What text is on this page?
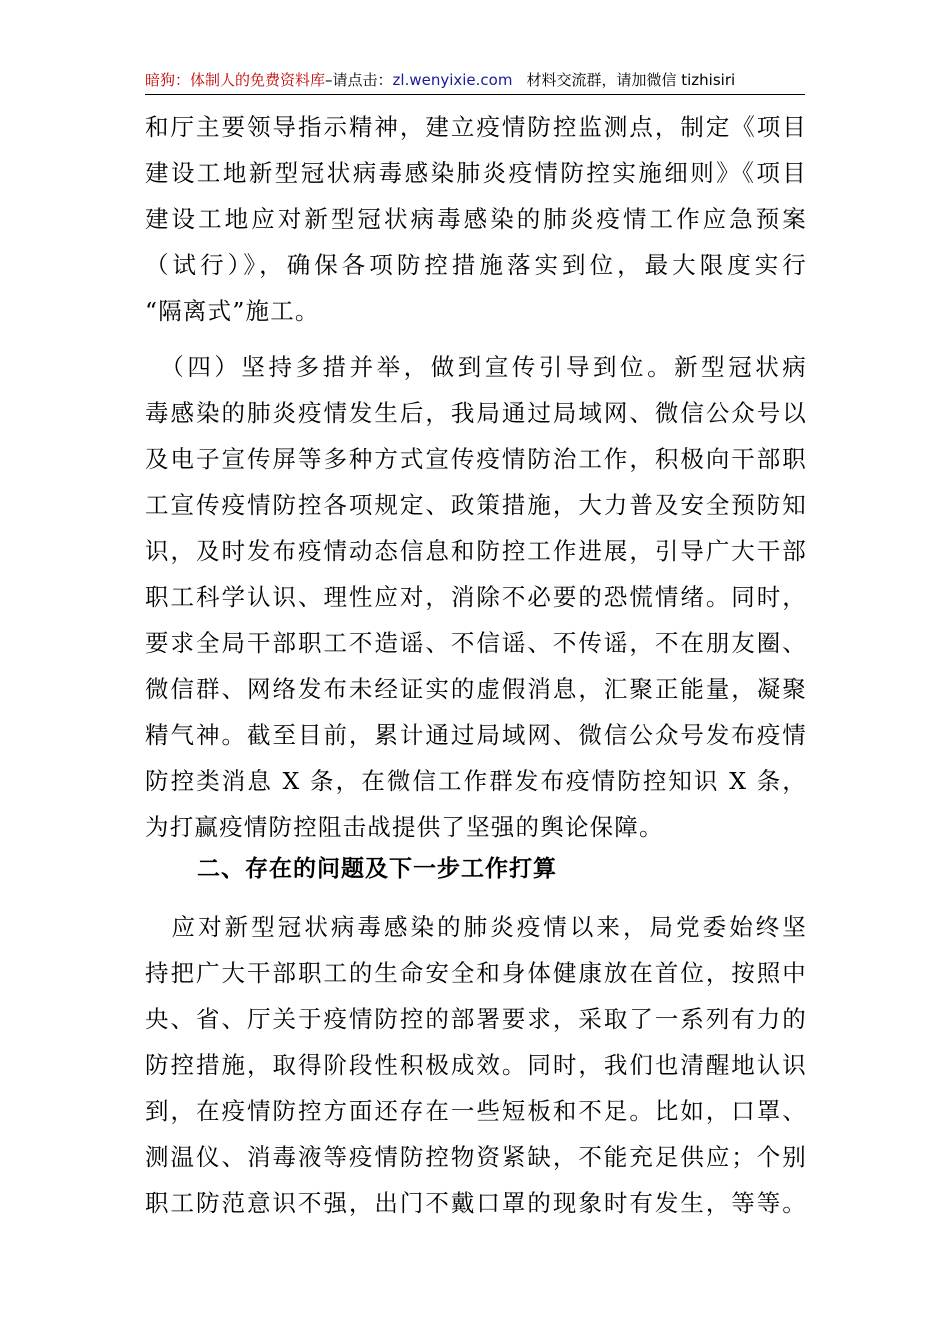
暗狗：体制人的免费资料库–请点击：zl.wenyixie.com 材料交流群，请加微信 tizhisiri
和厅主要领导指示精神，建立疫情防控监测点，制定《项目
建设工地新型冠状病毒感染肺炎疫情防控实施细则》《项目
建设工地应对新型冠状病毒感染的肺炎疫情工作应急预案
（试行）》，确保各项防控措施落实到位，最大限度实行
“隔离式”施工。
　（四）坚持多措并举，做到宣传引导到位。新型冠状病
毒感染的肺炎疫情发生后，我局通过局域网、微信公众号以
及电子宣传屏等多种方式宣传疫情防治工作，积极向干部职
工宣传疫情防控各项规定、政策措施，大力普及安全预防知
识，及时发布疫情动态信息和防控工作进展，引导广大干部
职工科学认识、理性应对，消除不必要的恐慌情绪。同时，
要求全局干部职工不造谣、不信谣、不传谣，不在朋友圈、
微信群、网络发布未经证实的虚假消息，汇聚正能量，凝聚
精气神。截至目前，累计通过局域网、微信公众号发布疫情
防控类消息 X 条，在微信工作群发布疫情防控知识 X 条，
为打赢疫情防控阻击战提供了坚强的舆论保障。
二、存在的问题及下一步工作打算
　应对新型冠状病毒感染的肺炎疫情以来，局党委始终坚
持把广大干部职工的生命安全和身体健康放在首位，按照中
央、省、厅关于疫情防控的部署要求，采取了一系列有力的
防控措施，取得阶段性积极成效。同时，我们也清醒地认识
到，在疫情防控方面还存在一些短板和不足。比如，口罩、
测温仪、消毒液等疫情防控物资紧缺，不能充足供应；个别
职工防范意识不强，出门不戴口罩的现象时有发生，等等。
